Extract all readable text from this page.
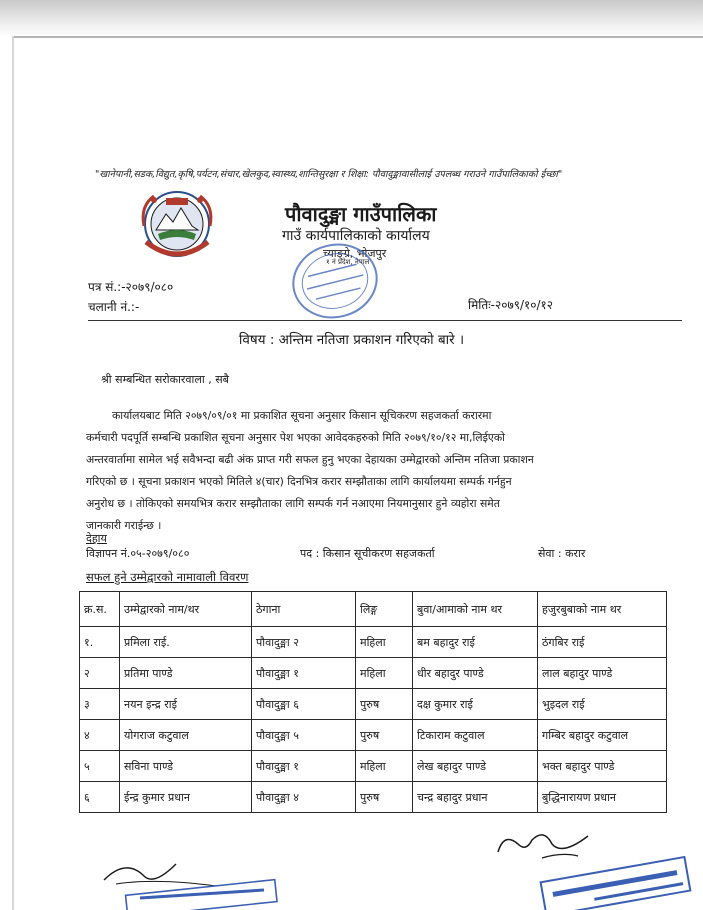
"खानेपानी,सडक,विद्युत,कृषि,पर्यटन,संचार,खेलकुद,स्वास्थ्य,शान्तिसुरक्षा र शिक्षा: पौवादुङ्मावासीलाई उपलब्ध गराउने गाउँपालिकाको ईच्छा"
पौवादुङ्मा गाउँपालिका
गाउँ कार्यपालिकाको कार्यालय
च्याङ्ग्रे, भोजपुर
१ नं प्रदेश, नेपाल
पत्र सं.:-२०७९/०८०
चलानी नं.:-	मितिः-२०७९/१०/१२
विषय : अन्तिम नतिजा प्रकाशन गरिएको बारे ।
श्री सम्बन्धित सरोकारवाला , सबै
कार्यालयबाट मिति २०७९/०९/०१ मा प्रकाशित सूचना अनुसार किसान सूचिकरण सहजकर्ता करारमा
कर्मचारी पदपूर्ति सम्बन्धि प्रकाशित सूचना अनुसार पेश भएका आवेदकहरुको मिति २०७९/१०/१२ मा,लिईएको
अन्तरवार्तामा सामेल भई सवैभन्दा बढी अंक प्राप्त गरी सफल हुनु भएका देहायका उम्मेद्वारको अन्तिम नतिजा प्रकाशन
गरिएको छ । सूचना प्रकाशन भएको मितिले ४(चार) दिनभित्र करार सम्झौताका लागि कार्यालयमा सम्पर्क गर्नहुन
अनुरोध छ । तोकिएको समयभित्र करार सम्झौताका लागि सम्पर्क गर्न नआएमा नियमानुसार हुने व्यहोरा समेत
जानकारी गराईन्छ ।
देहाय
विज्ञापन नं.०५-२०७९/०८०	पद : किसान सूचीकरण सहजकर्ता	सेवा : करार
सफल हुने उम्मेद्वारको नामावाली विवरण
क्र.स.	उम्मेद्वारको नाम/थर	ठेगाना	लिङ्ग	बुवा/आमाको नाम थर	हजुरबुबाको नाम थर
१.	प्रमिला राई.	पौवादुङ्मा २	महिला	बम बहादुर राई	ठंगबिर राई
२	प्रतिमा पाण्डे	पौवादुङ्मा १	महिला	धीर बहादुर पाण्डे	लाल बहादुर पाण्डे
३	नयन इन्द्र राई	पौवादुङ्मा ६	पुरुष	दक्ष कुमार राई	भुइदल राई
४	योगराज कटुवाल	पौवादुङ्मा ५	पुरुष	टिकाराम कटुवाल	गम्बिर बहादुर कटुवाल
५	सविना पाण्डे	पौवादुङ्मा १	महिला	लेख बहादुर पाण्डे	भक्त बहादुर पाण्डे
६	ईन्द्र कुमार प्रधान	पौवादुङ्मा ४	पुरुष	चन्द्र बहादुर प्रधान	बुद्धिनारायण प्रधान
